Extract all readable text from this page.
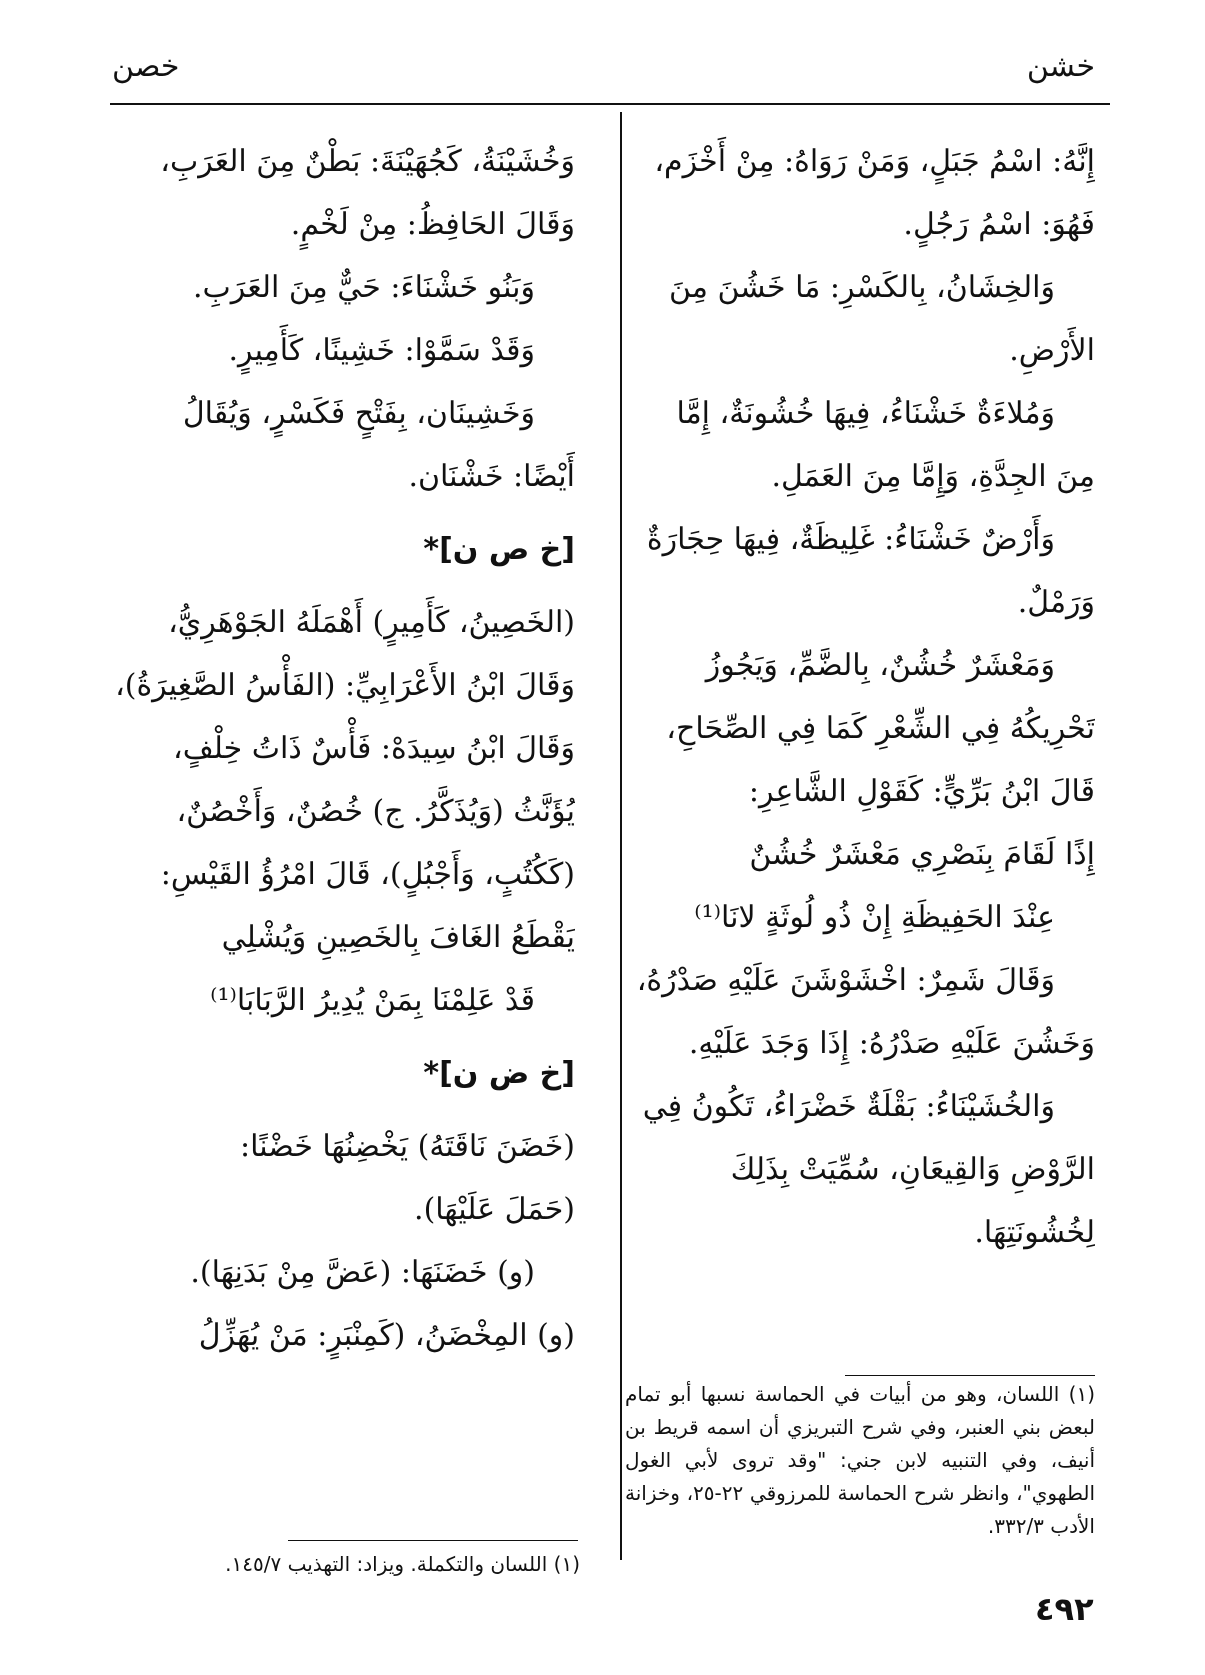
خشن
خصن
إِنَّهُ: اسْمُ جَبَلٍ، وَمَنْ رَوَاهُ: مِنْ أَخْزَم،
فَهُوَ: اسْمُ رَجُلٍ.
وَالخِشَانُ، بِالكَسْرِ: مَا خَشُنَ مِنَ
الأَرْضِ.
وَمُلاءَةٌ خَشْنَاءُ، فِيهَا خُشُونَةٌ، إِمَّا
مِنَ الجِدَّةِ، وَإِمَّا مِنَ العَمَلِ.
وَأَرْضٌ خَشْنَاءُ: غَلِيظَةٌ، فِيهَا حِجَارَةٌ
وَرَمْلٌ.
وَمَعْشَرٌ خُشُنٌ، بِالضَّمِّ، وَيَجُوزُ
تَحْرِيكُهُ فِي الشِّعْرِ كَمَا فِي الصِّحَاحِ،
قَالَ ابْنُ بَرِّيٍّ: كَقَوْلِ الشَّاعِرِ:
إِذًا لَقَامَ بِنَصْرِي مَعْشَرٌ خُشُنٌ
عِنْدَ الحَفِيظَةِ إِنْ ذُو لُوثَةٍ لانَا⁽¹⁾
وَقَالَ شَمِرٌ: اخْشَوْشَنَ عَلَيْهِ صَدْرُهُ،
وَخَشُنَ عَلَيْهِ صَدْرُهُ: إِذَا وَجَدَ عَلَيْهِ.
وَالخُشَيْنَاءُ: بَقْلَةٌ خَضْرَاءُ، تَكُونُ فِي
الرَّوْضِ وَالقِيعَانِ، سُمِّيَتْ بِذَلِكَ
لِخُشُونَتِهَا.
(١) اللسان، وهو من أبيات في الحماسة نسبها أبو تمام لبعض بني العنبر، وفي شرح التبريزي أن اسمه قريط بن أنيف، وفي التنبيه لابن جني: "وقد تروى لأبي الغول الطهوي"، وانظر شرح الحماسة للمرزوقي ٢٢-٢٥، وخزانة الأدب ٣٣٢/٣.
وَخُشَيْنَةُ، كَجُهَيْنَةَ: بَطْنٌ مِنَ العَرَبِ،
وَقَالَ الحَافِظُ: مِنْ لَخْمٍ.
وَبَنُو خَشْنَاءَ: حَيٌّ مِنَ العَرَبِ.
وَقَدْ سَمَّوْا: خَشِينًا، كَأَمِيرٍ.
وَخَشِينَان، بِفَتْحٍ فَكَسْرٍ، وَيُقَالُ
أَيْضًا: خَشْنَان.
[خ ص ن]*
(الخَصِينُ، كَأَمِيرٍ) أَهْمَلَهُ الجَوْهَرِيُّ،
وَقَالَ ابْنُ الأَعْرَابِيِّ: (الفَأْسُ الصَّغِيرَةُ)،
وَقَالَ ابْنُ سِيدَهْ: فَأْسٌ ذَاتُ خِلْفٍ،
يُؤَنَّثُ (وَيُذَكَّرُ. ج) خُصُنٌ، وَأَخْصُنٌ،
(كَكُتُبٍ، وَأَجْبُلٍ)، قَالَ امْرُؤُ القَيْسِ:
يَقْطَعُ الغَافَ بِالخَصِينِ وَيُشْلِي
قَدْ عَلِمْنَا بِمَنْ يُدِيرُ الرَّبَابَا⁽¹⁾
[خ ض ن]*
(خَضَنَ نَاقَتَهُ) يَخْضِنُهَا خَضْنًا:
(حَمَلَ عَلَيْهَا).
(و) خَضَنَهَا: (عَضَّ مِنْ بَدَنِهَا).
(و) المِخْضَنُ، (كَمِنْبَرٍ: مَنْ يُهَزِّلُ
(١) اللسان والتكملة. ويزاد: التهذيب ١٤٥/٧.
٤٩٢
